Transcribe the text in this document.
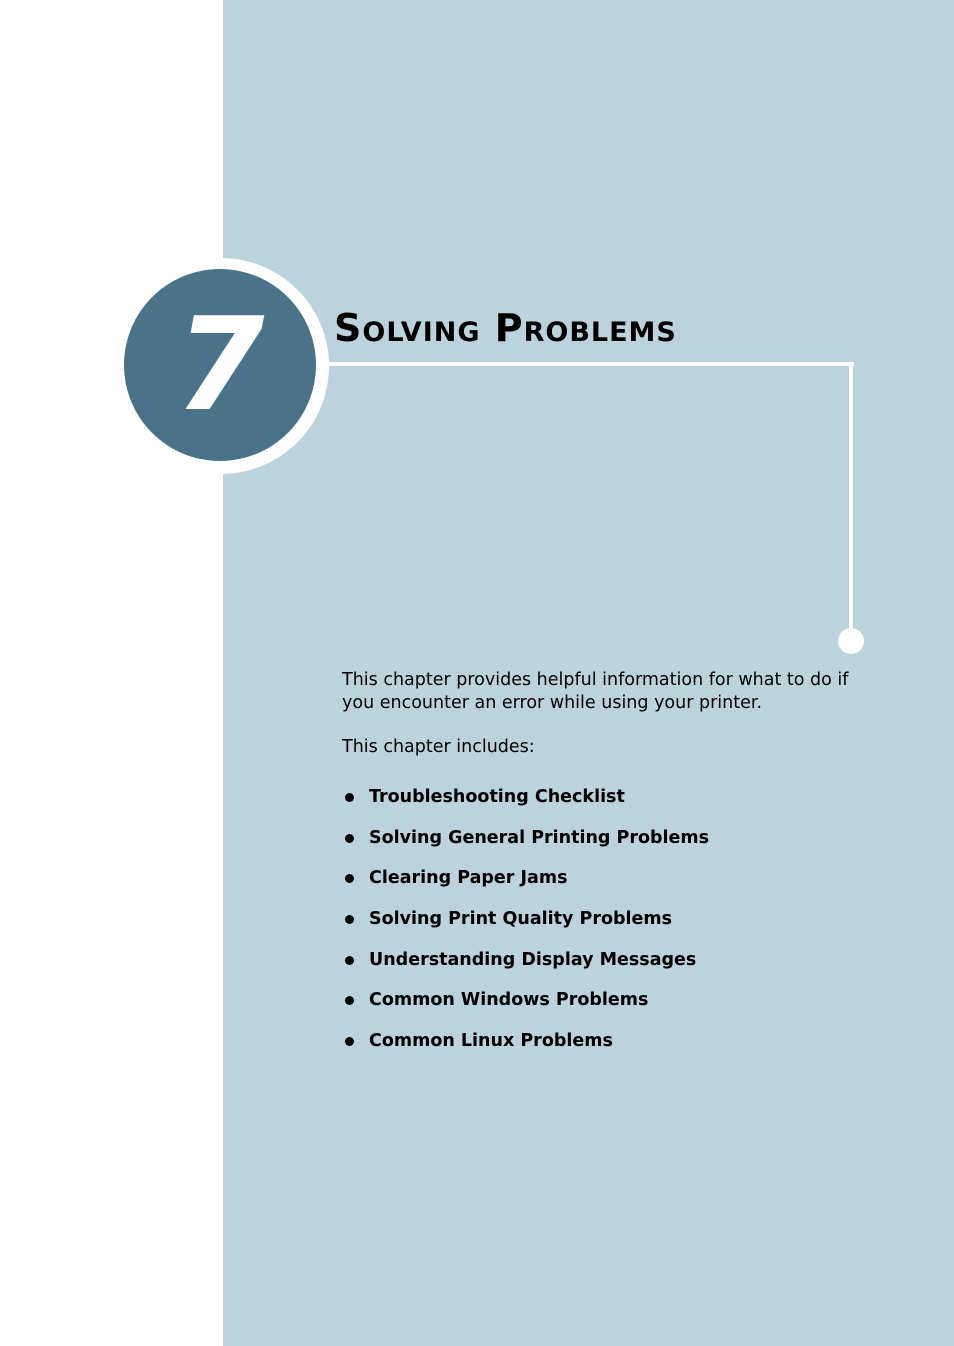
7 Solving Problems

This chapter provides helpful information for what to do if you encounter an error while using your printer.

This chapter includes:

Troubleshooting Checklist
Solving General Printing Problems
Clearing Paper Jams
Solving Print Quality Problems
Understanding Display Messages
Common Windows Problems
Common Linux Problems
